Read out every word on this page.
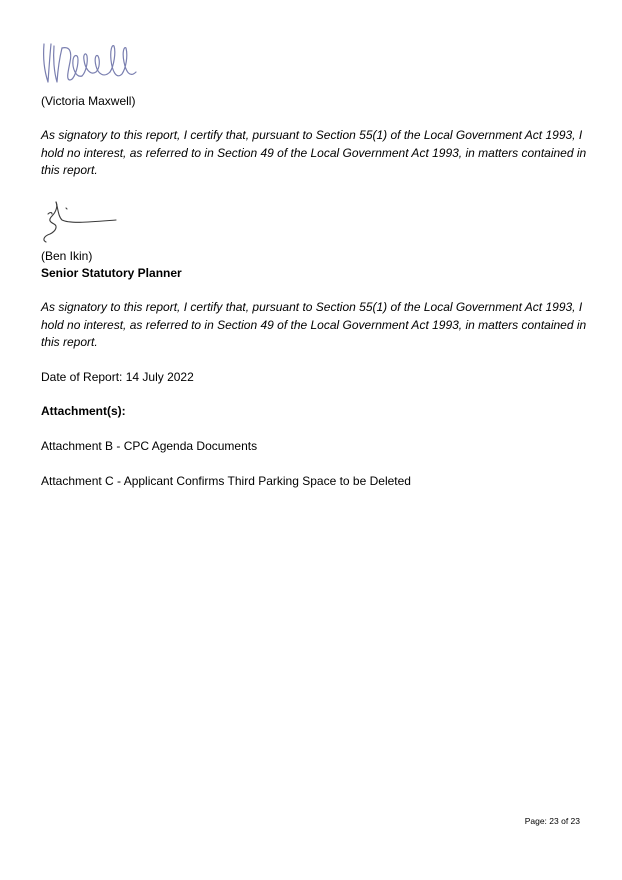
(Victoria Maxwell)

As signatory to this report, I certify that, pursuant to Section 55(1) of the Local Government Act 1993, I hold no interest, as referred to in Section 49 of the Local Government Act 1993, in matters contained in this report.

(Ben Ikin)

Senior Statutory Planner

As signatory to this report, I certify that, pursuant to Section 55(1) of the Local Government Act 1993, I hold no interest, as referred to in Section 49 of the Local Government Act 1993, in matters contained in this report.

Date of Report: 14 July 2022

Attachment(s):

Attachment B - CPC Agenda Documents

Attachment C - Applicant Confirms Third Parking Space to be Deleted

Page: 23 of 23
